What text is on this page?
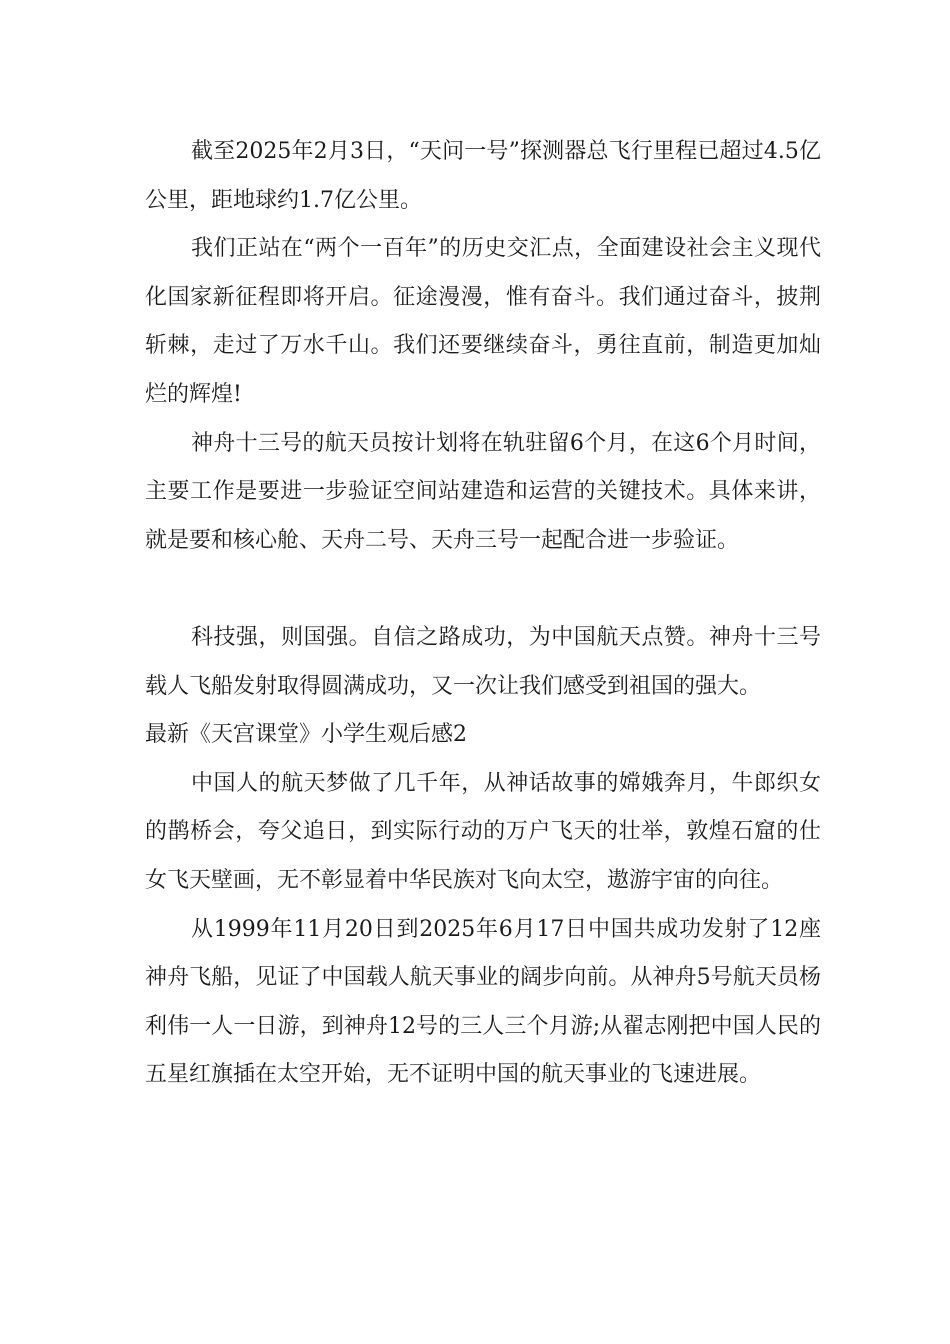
截至2025年2月3日，“天问一号”探测器总飞行里程已超过4.5亿公里，距地球约1.7亿公里。

我们正站在“两个一百年”的历史交汇点，全面建设社会主义现代化国家新征程即将开启。征途漫漫，惟有奋斗。我们通过奋斗，披荆斩棘，走过了万水千山。我们还要继续奋斗，勇往直前，制造更加灿烂的辉煌!

神舟十三号的航天员按计划将在轨驻留6个月，在这6个月时间，主要工作是要进一步验证空间站建造和运营的关键技术。具体来讲，就是要和核心舱、天舟二号、天舟三号一起配合进一步验证。

科技强，则国强。自信之路成功，为中国航天点赞。神舟十三号载人飞船发射取得圆满成功，又一次让我们感受到祖国的强大。

最新《天宫课堂》小学生观后感2

中国人的航天梦做了几千年，从神话故事的嫦娥奔月，牛郎织女的鹊桥会，夸父追日，到实际行动的万户飞天的壮举，敦煌石窟的仕女飞天壁画，无不彰显着中华民族对飞向太空，遨游宇宙的向往。

从1999年11月20日到2025年6月17日中国共成功发射了12座神舟飞船，见证了中国载人航天事业的阔步向前。从神舟5号航天员杨利伟一人一日游，到神舟12号的三人三个月游;从翟志刚把中国人民的五星红旗插在太空开始，无不证明中国的航天事业的飞速进展。
